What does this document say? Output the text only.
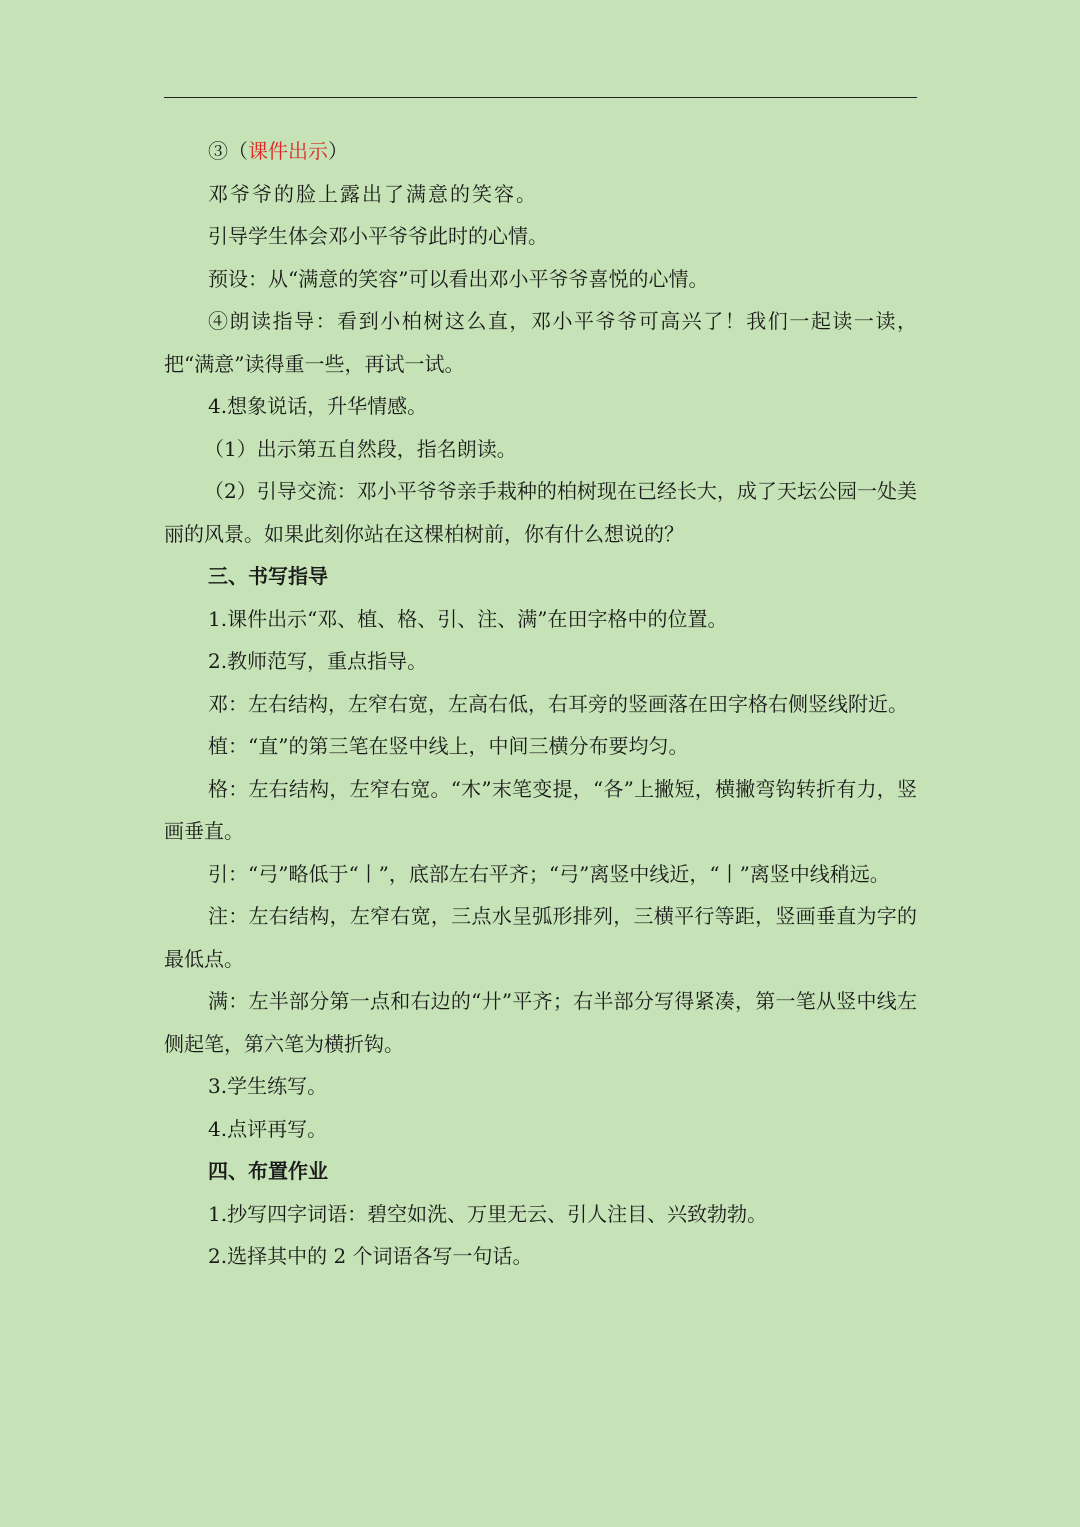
③（课件出示）

邓爷爷的脸上露出了满意的笑容。

引导学生体会邓小平爷爷此时的心情。

预设：从“满意的笑容”可以看出邓小平爷爷喜悦的心情。

④朗读指导：看到小柏树这么直，邓小平爷爷可高兴了！我们一起读一读，把“满意”读得重一些，再试一试。

4.想象说话，升华情感。

（1）出示第五自然段，指名朗读。

（2）引导交流：邓小平爷爷亲手栽种的柏树现在已经长大，成了天坛公园一处美丽的风景。如果此刻你站在这棵柏树前，你有什么想说的？

三、书写指导

1.课件出示“邓、植、格、引、注、满”在田字格中的位置。

2.教师范写，重点指导。

邓：左右结构，左窄右宽，左高右低，右耳旁的竖画落在田字格右侧竖线附近。

植：“直”的第三笔在竖中线上，中间三横分布要均匀。

格：左右结构，左窄右宽。“木”末笔变提，“各”上撇短，横撇弯钩转折有力，竖画垂直。

引：“弓”略低于“丨”，底部左右平齐；“弓”离竖中线近，“丨”离竖中线稍远。

注：左右结构，左窄右宽，三点水呈弧形排列，三横平行等距，竖画垂直为字的最低点。

满：左半部分第一点和右边的“廾”平齐；右半部分写得紧凑，第一笔从竖中线左侧起笔，第六笔为横折钩。

3.学生练写。

4.点评再写。

四、布置作业

1.抄写四字词语：碧空如洗、万里无云、引人注目、兴致勃勃。

2.选择其中的 2 个词语各写一句话。
